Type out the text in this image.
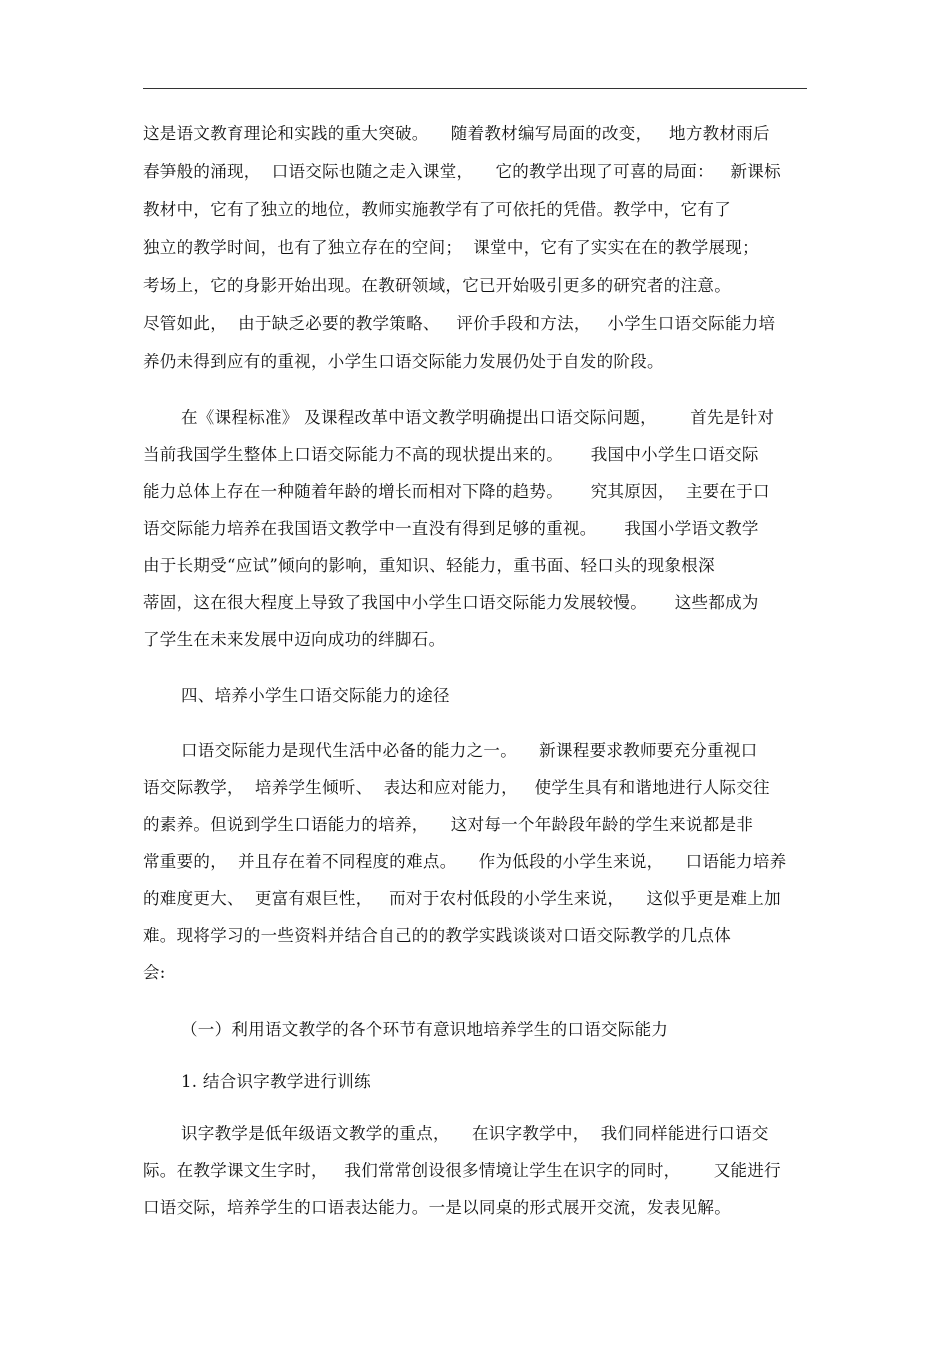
这是语文教育理论和实践的重大突破。    随着教材编写局面的改变，   地方教材雨后
春笋般的涌现，  口语交际也随之走入课堂，    它的教学出现了可喜的局面：   新课标
教材中，它有了独立的地位，教师实施教学有了可依托的凭借。教学中，它有了
独立的教学时间，也有了独立存在的空间；  课堂中，它有了实实在在的教学展现；
考场上，它的身影开始出现。在教研领域，它已开始吸引更多的研究者的注意。
尽管如此，  由于缺乏必要的教学策略、   评价手段和方法，   小学生口语交际能力培
养仍未得到应有的重视，小学生口语交际能力发展仍处于自发的阶段。
在《课程标准》 及课程改革中语文教学明确提出口语交际问题，      首先是针对
当前我国学生整体上口语交际能力不高的现状提出来的。     我国中小学生口语交际
能力总体上存在一种随着年龄的增长而相对下降的趋势。     究其原因，  主要在于口
语交际能力培养在我国语文教学中一直没有得到足够的重视。     我国小学语文教学
由于长期受“应试”倾向的影响，重知识、轻能力，重书面、轻口头的现象根深
蒂固，这在很大程度上导致了我国中小学生口语交际能力发展较慢。     这些都成为
了学生在未来发展中迈向成功的绊脚石。
四、培养小学生口语交际能力的途径
口语交际能力是现代生活中必备的能力之一。    新课程要求教师要充分重视口
语交际教学，  培养学生倾听、  表达和应对能力，   使学生具有和谐地进行人际交往
的素养。但说到学生口语能力的培养，    这对每一个年龄段年龄的学生来说都是非
常重要的，  并且存在着不同程度的难点。    作为低段的小学生来说，    口语能力培养
的难度更大、  更富有艰巨性，   而对于农村低段的小学生来说，    这似乎更是难上加
难。现将学习的一些资料并结合自己的的教学实践谈谈对口语交际教学的几点体
会:
（一）利用语文教学的各个环节有意识地培养学生的口语交际能力
1. 结合识字教学进行训练
识字教学是低年级语文教学的重点，    在识字教学中，  我们同样能进行口语交
际。在教学课文生字时，   我们常常创设很多情境让学生在识字的同时，      又能进行
口语交际，培养学生的口语表达能力。一是以同桌的形式展开交流，发表见解。
